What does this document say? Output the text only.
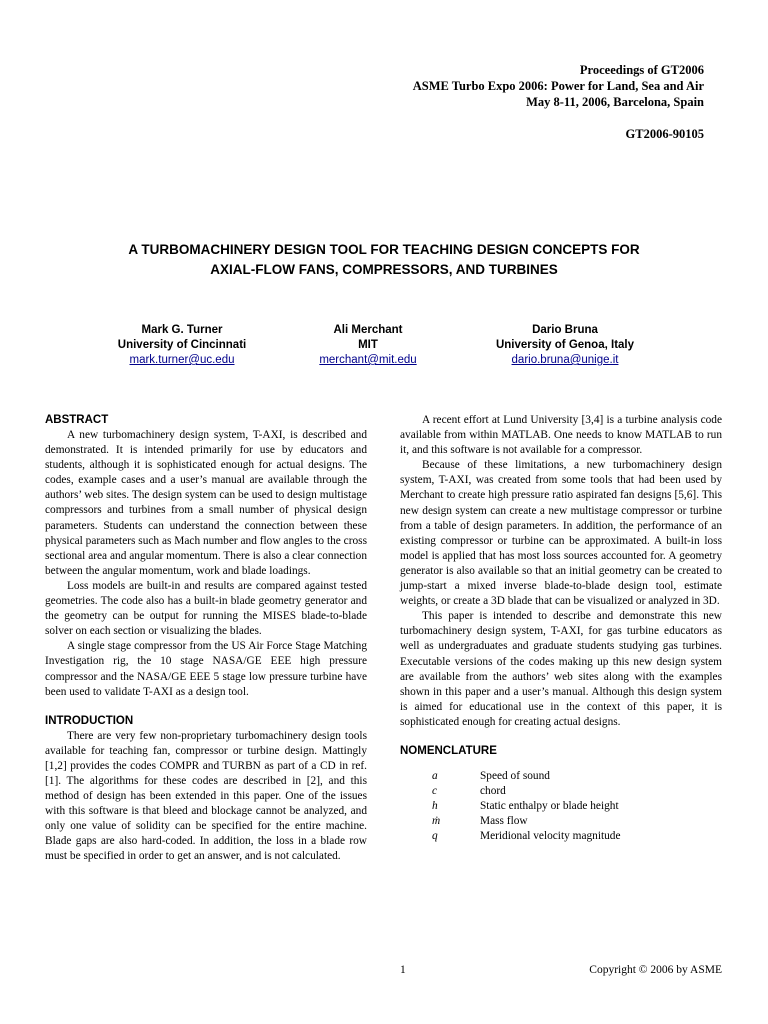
Proceedings of GT2006
ASME Turbo Expo 2006: Power for Land, Sea and Air
May 8-11, 2006, Barcelona, Spain
GT2006-90105
A TURBOMACHINERY DESIGN TOOL FOR TEACHING DESIGN CONCEPTS FOR
AXIAL-FLOW FANS, COMPRESSORS, AND TURBINES
Mark G. Turner
University of Cincinnati
mark.turner@uc.edu
Ali Merchant
MIT
merchant@mit.edu
Dario Bruna
University of Genoa, Italy
dario.bruna@unige.it
ABSTRACT

A new turbomachinery design system, T-AXI, is described and demonstrated. It is intended primarily for use by educators and students, although it is sophisticated enough for actual designs. The codes, example cases and a user’s manual are available through the authors’ web sites. The design system can be used to design multistage compressors and turbines from a small number of physical design parameters. Students can understand the connection between these physical parameters such as Mach number and flow angles to the cross sectional area and angular momentum. There is also a clear connection between the angular momentum, work and blade loadings.

Loss models are built-in and results are compared against tested geometries. The code also has a built-in blade geometry generator and the geometry can be output for running the MISES blade-to-blade solver on each section or visualizing the blades.

A single stage compressor from the US Air Force Stage Matching Investigation rig, the 10 stage NASA/GE EEE high pressure compressor and the NASA/GE EEE 5 stage low pressure turbine have been used to validate T-AXI as a design tool.

INTRODUCTION

There are very few non-proprietary turbomachinery design tools available for teaching fan, compressor or turbine design. Mattingly [1,2] provides the codes COMPR and TURBN as part of a CD in ref. [1]. The algorithms for these codes are described in [2], and this method of design has been extended in this paper. One of the issues with this software is that bleed and blockage cannot be analyzed, and only one value of solidity can be specified for the entire machine. Blade gaps are also hard-coded. In addition, the loss in a blade row must be specified in order to get an answer, and is not calculated.

A recent effort at Lund University [3,4] is a turbine analysis code available from within MATLAB. One needs to know MATLAB to run it, and this software is not available for a compressor.

Because of these limitations, a new turbomachinery design system, T-AXI, was created from some tools that had been used by Merchant to create high pressure ratio aspirated fan designs [5,6]. This new design system can create a new multistage compressor or turbine from a table of design parameters. In addition, the performance of an existing compressor or turbine can be approximated. A built-in loss model is applied that has most loss sources accounted for. A geometry generator is also available so that an initial geometry can be created to jump-start a mixed inverse blade-to-blade design tool, estimate weights, or create a 3D blade that can be visualized or analyzed in 3D.

This paper is intended to describe and demonstrate this new turbomachinery design system, T-AXI, for gas turbine educators as well as undergraduates and graduate students studying gas turbines. Executable versions of the codes making up this new design system are available from the authors’ web sites along with the examples shown in this paper and a user’s manual. Although this design system is aimed for educational use in the context of this paper, it is sophisticated enough for creating actual designs.

NOMENCLATURE
a	Speed of sound
c	chord
h	Static enthalpy or blade height
ṁ	Mass flow
q	Meridional velocity magnitude
1	Copyright © 2006 by ASME
